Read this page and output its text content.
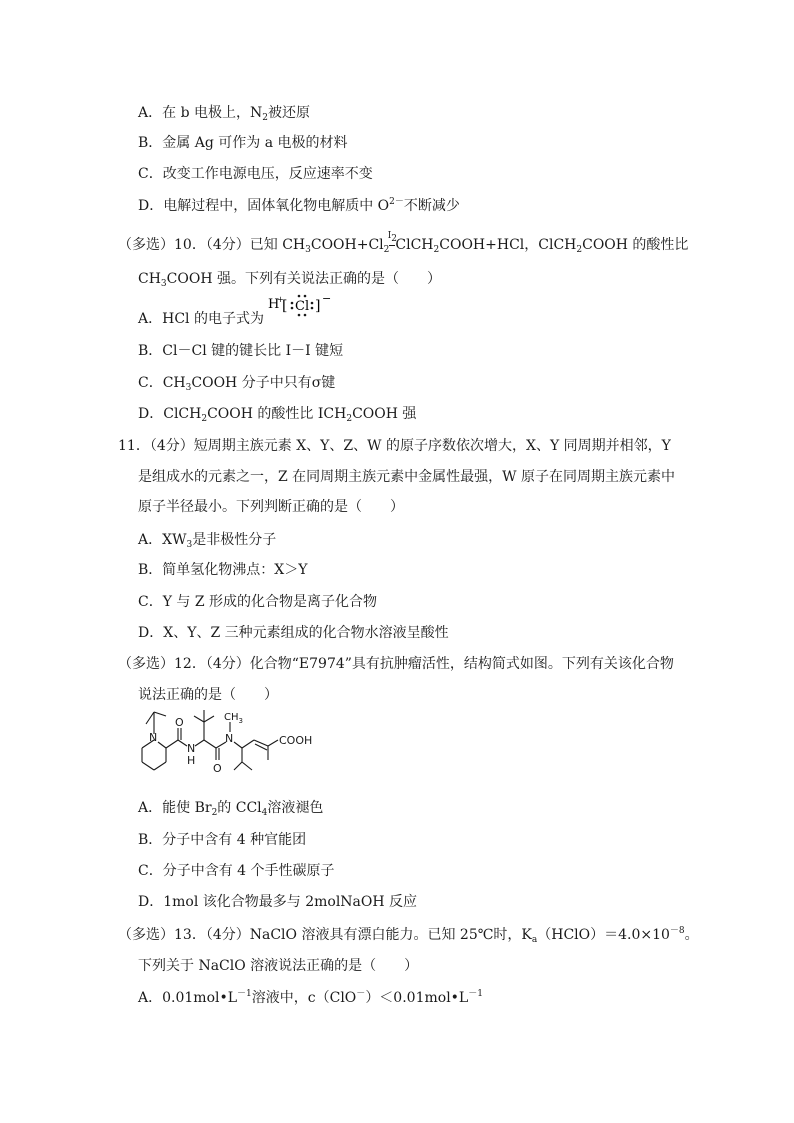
A．在 b 电极上，$N_2$被还原
B．金属 Ag 可作为 a 电极的材料
C．改变工作电源电压，反应速率不变
D．电解过程中，固体氧化物电解质中 $O^{2-}$不断减少
（多选）10．（4分）已知 $CH_3COOH+Cl_2$
$I_2$
ClCH$_2$COOH+HCl，ClCH$_2$COOH 的酸性比
$CH_3COOH$ 强。下列有关说法正确的是（　　）
A．HCl 的电子式为
H
+
[ Cl ] −
B．Cl－Cl 键的键长比 I－I 键短
C．$CH_3COOH$ 分子中只有σ键
D．ClCH$_2$COOH 的酸性比 $ICH_2COOH$ 强
11．（4分）短周期主族元素 X、Y、Z、W 的原子序数依次增大，X、Y 同周期并相邻，Y
是组成水的元素之一，Z 在同周期主族元素中金属性最强，W 原子在同周期主族元素中
原子半径最小。下列判断正确的是（　　）
A．$XW_3$是非极性分子
B．简单氢化物沸点：X＞Y
C．Y 与 Z 形成的化合物是离子化合物
D．X、Y、Z 三种元素组成的化合物水溶液呈酸性
（多选）12．（4分）化合物“E7974”具有抗肿瘤活性，结构简式如图。下列有关该化合物
说法正确的是（　　）
N
O
N
H
O
$CH_3$
N	COOH
A．能使 $Br_2$的 CCl$_4$溶液褪色
B．分子中含有 4 种官能团
C．分子中含有 4 个手性碳原子
D．1mol 该化合物最多与 2molNaOH 反应
（多选）13．（4分）NaClO 溶液具有漂白能力。已知 25℃时，$K_a(HClO)=4.0\times 10^{-8}$。
下列关于 NaClO 溶液说法正确的是（　　）
A．$0.01mol•L^{-1}$溶液中，$c(ClO^-)<0.01mol•L^{-1}$
